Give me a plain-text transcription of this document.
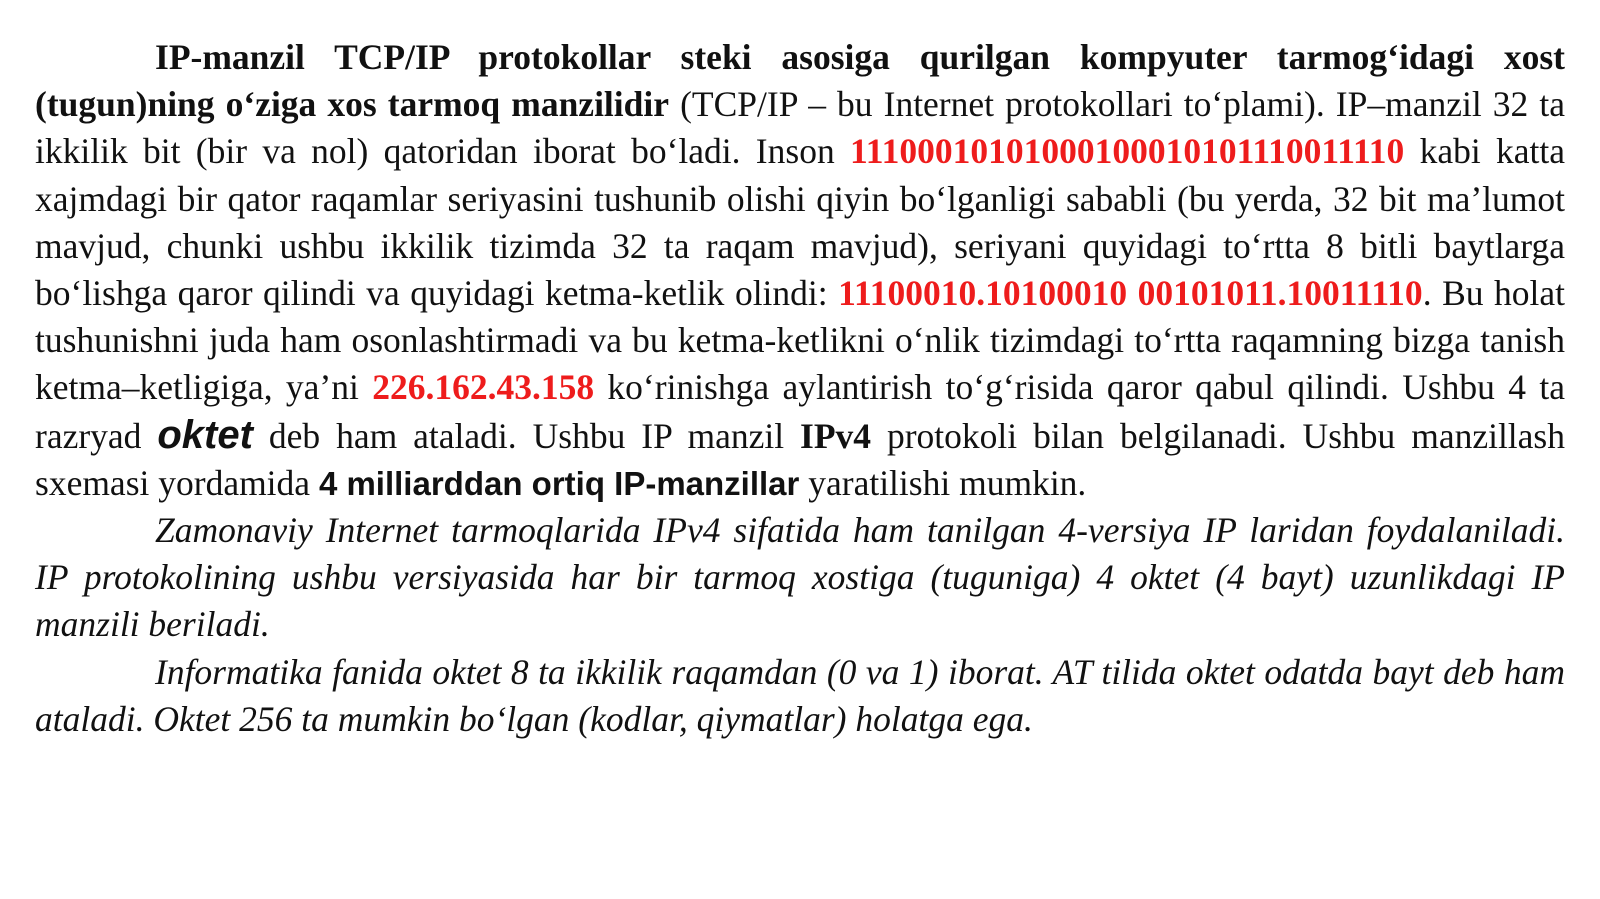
IP-manzil TCP/IP protokollar steki asosiga qurilgan kompyuter tarmog‘idagi xost (tugun)ning o‘ziga xos tarmoq manzilidir (TCP/IP – bu Internet protokollari to‘plami). IP–manzil 32 ta ikkilik bit (bir va nol) qatoridan iborat bo‘ladi. Inson 11100010101000100010101110011110 kabi katta xajmdagi bir qator raqamlar seriyasini tushunib olishi qiyin bo‘lganligi sababli (bu yerda, 32 bit ma’lumot mavjud, chunki ushbu ikkilik tizimda 32 ta raqam mavjud), seriyani quyidagi to‘rtta 8 bitli baytlarga bo‘lishga qaror qilindi va quyidagi ketma-ketlik olindi: 11100010.10100010 00101011.10011110. Bu holat tushunishni juda ham osonlashtirmadi va bu ketma-ketlikni o‘nlik tizimdagi to‘rtta raqamning bizga tanish ketma–ketligiga, ya’ni 226.162.43.158 ko‘rinishga aylantirish to‘g‘risida qaror qabul qilindi. Ushbu 4 ta razryad oktet deb ham ataladi. Ushbu IP manzil IPv4 protokoli bilan belgilanadi. Ushbu manzillash sxemasi yordamida 4 milliarddan ortiq IP-manzillar yaratilishi mumkin.

Zamonaviy Internet tarmoqlarida IPv4 sifatida ham tanilgan 4-versiya IP laridan foydalaniladi. IP protokolining ushbu versiyasida har bir tarmoq xostiga (tuguniga) 4 oktet (4 bayt) uzunlikdagi IP manzili beriladi.

Informatika fanida oktet 8 ta ikkilik raqamdan (0 va 1) iborat. AT tilida oktet odatda bayt deb ham ataladi. Oktet 256 ta mumkin bo‘lgan (kodlar, qiymatlar) holatga ega.
